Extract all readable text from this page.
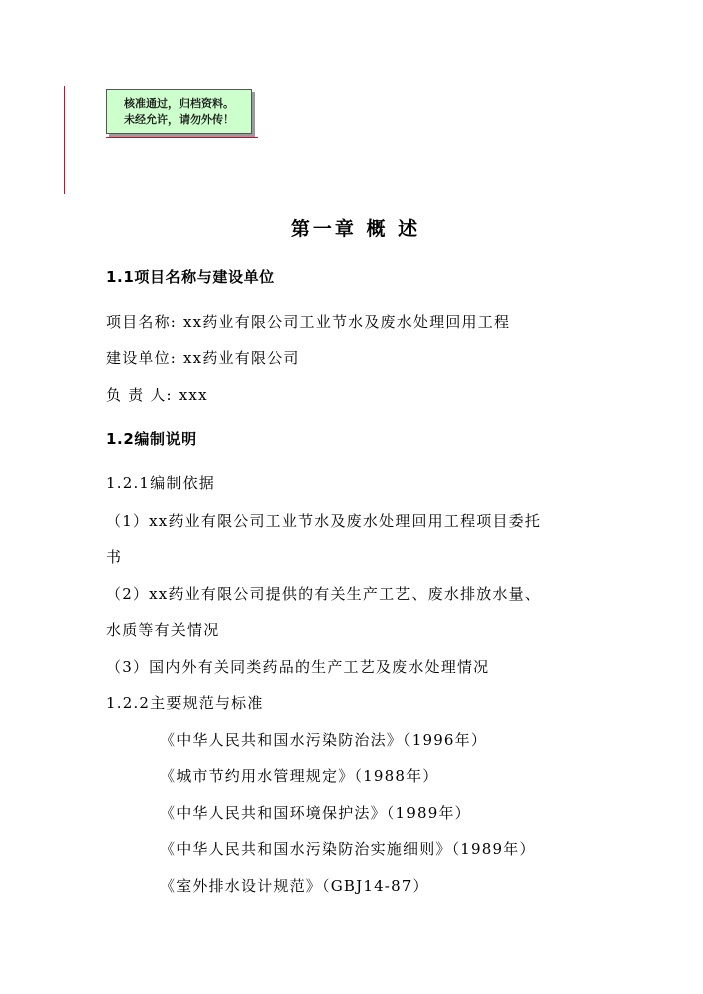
核准通过，归档资料。
未经允许，请勿外传！
第一章 概 述
1.1项目名称与建设单位
项目名称: xx药业有限公司工业节水及废水处理回用工程
建设单位: xx药业有限公司
负 责 人: xxx
1.2编制说明
1.2.1编制依据
（1）xx药业有限公司工业节水及废水处理回用工程项目委托
书
（2）xx药业有限公司提供的有关生产工艺、废水排放水量、
水质等有关情况
（3）国内外有关同类药品的生产工艺及废水处理情况
1.2.2主要规范与标准
《中华人民共和国水污染防治法》（1996年）
《城市节约用水管理规定》（1988年）
《中华人民共和国环境保护法》（1989年）
《中华人民共和国水污染防治实施细则》（1989年）
《室外排水设计规范》（GBJ14-87）
